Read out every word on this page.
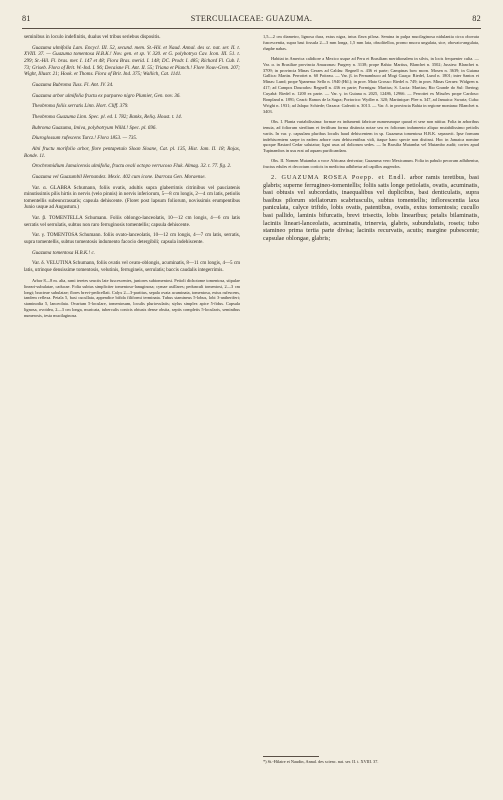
81	STERCULIACEAE: GUAZUMA.	82

seminibus in loculo indefinitis, dualus vel tribus seriebus dispositis.

Guazuma ulmifolia Lam. Encycl. III. 52, secund. mem. St.-Hil. et Naud. Annal. des sc. nat. ser. II. t. XVIII. 37. — Guazuma tomentosa H.B.K.! Nov. gen. et sp. V. 320. et G. polybotrya Cav. Icon. III. 51. t. 299; St.-Hil. Fl. bras. mer. I. 147 et 48; Flora Bras. merid. I. 148; DC. Prodr. I. 485; Richard Fl. Cub. I. 73; Griseb. Flora of Brit. W.-Ind. I. 96; Decaisne Fl. Ant. II. 55; Triana et Planch.! Flore Nouv-Gren. 207; Wight, Illustr. 21; Hook. et Thoms. Flora of Brit. Ind. 375; Wallich, Cat. 1141.

Guazuma Bubroma Tuss. Fl. Ant. IV. 34.

Guazuma arbor ulmifolia fructu ex purpureo nigro Plumier, Gen. nov. 36.

Theobroma foliis serratis Linn. Hort. Cliff. 379.

Theobroma Guazuma Linn. Spec. pl. ed. I. 782; Banks, Reliq. Houst. t. 14.

Bubroma Guazuma, Imiva, polybotryum Willd.! Spec. pl. 696.

Diuroglossum rufescens Turcz.! Flora 1853. — 735.

Alni fructu morifolio arbor, flore pentapetalo Sloan Sloane, Cat. pl. 135, Hist. Jam. II. 18; Rojas, Bonde. 11.

Orochromidium Jamaicensis ulmifolia, fructu ovali octopo verrucoso Fluk. Almag. 32. t. 77. fig. 2.

Guazuma vel Guazumbil Hernandez. Mexic. 402 cum icone. Ibarroza Gen. Moraense.

Var. α. GLABRA Schumann, foliis ovatis, adultis supra glaberrimis citrinibus vel pauciatenis minutissimis pilis hirtis in nervis (velo pinnis) in nervis inferiorum, 5—8 cm longis, 2—4 cm latis, petiolis tomentellis subeuncrassatis; capsula dehiscente. (Floret post lapsum foliorum, novissimis erumpentibus Junio usque ad Augustum.)

Var. β. TOMENTELLA Schumann. Foliis oblongo-lanceolatis, 10—12 cm longis, 4—6 cm latis serratis vel serrulatis, subtus non raro ferruginosis tomentellis; capsula dehiscente.

Var. γ. TOMENTOSA Schumann. foliis ovato-lanceolatis, 10—12 cm longis, 4—7 cm latis, serratis, supra tomentellis, subtus tomentosis indumento facocio detergibili; capsula indehiscente.

Guazuma tomentosa H.B.K.! c.

Var. δ. VELUTINA Schumann, foliis ovatis vel ovato-oblongis, acuminatis, 8—11 cm longis, 4—5 cm latis, utrinque densissime tomentosis, velutinis, ferrugineis, serrulatis; baccis caudalis integerrimis.

Arbor 8—8 m. alta, rami teretes seuctis late fuscescentes, juniores subtomentosi. Petioli dichotome tomentosa, stipulae lineari-subulatae, caducae. Folia subtus simpliciter tomentoso-lanuginosa; cymae axillares; pedunculi tomentosi, 2—3 cm longi; bracteae subulatae; flores brevi-pedicellati. Calyx 2—3-partitus, sepala ovata acuminata, tomentosa, extus rufescens, tandem reflexa. Petala 5, basi cucullata, appendice bifida filiformi terminata. Tubus stamineus 5-lobus, lobi 3-antheriferi; staminodia 5, lanceolata. Ovarium 5-loculare, tomentosum, loculis pluriovulatis; stylus simplex apice 5-fidus. Capsula lignosa, ovoidea, 2—3 cm longa, muricata, tuberculis conicis obtusis dense obsita, septis completis 5-locularis, seminibus numerosis, testa mucilaginosa.

1,5—2 cm diametro, lignosa dura, extus nigra, intus flava pilosa. Semina in pulpa mucilaginosa nidulantia circa obovata fuscescentia, supra basi fossula 2—3 mm longa, 1,5 mm lata, obsolitelloa, promo mucra ungulata, sice, obovato-angulata, rhaphe nabas.

Habitat in America calidiore a Mexico usque ad Peru et Brasiliam meridionalem in silvis, in locis frequenter culta. — Var. α. in Brasiliae provincia Amazonas: Purgery n. 3138; prope Bahia: Martius, Blanchet n. 3502; Jussieu: Blanchet n. 3709; in provincia Minas Geraes ad Caldas: Regnell n. 436 et parte; Campinas bow morn. Mosen n. 3639; in Guiana Gallica: Martin. Perrottet n. 60 Poiteau. — Var. β. in Pernambuco ad Mogi Guaçu: Riedel, Lund n. 1801; inter Santos et Minas: Lund; prope Ypanema: Sello n. 1940 (Hil.); in prov. Mato Grosso: Riedel n. 749; in prov. Minas Geraes: Widgren n. 417; ad Campos Dourados: Regnell n. 436 ex parte; Formigas: Martius; S. Lucia: Martius; Rio Grande do Sul: Ihering; Cuyabá: Riedel n. 1200 ex parte. — Var. γ. in Guiana n. 2025, 12486, 12966. — Perrottet ex Missões prope Cardoso: Bonpland n. 1891; Ceará: Ramos de la Sagra; Portorico: Wydler n. 320; Martinique: Plee n. 347, ad Jamaica: Swartz; Cuba: Wright n. 1931; ad Jalapa: Schiede; Oaxaca: Galeotti n. 3013. — Var. δ. in provincia Bahia in regione montana: Blanchet n. 3403.

Obs. I. Planta variabilissima: formae ex indumenti fabricae numerumque quoad et sese non nititur. Folia in arboribus tenuia, ad foliorum sterilium et fertilium forma distincta notae seu ex foliorum indumento aliquo mutabilissimo petiolis variis. In var. γ. capsulam pluribus loculis haud dehiscentem in sp. Guazuma tomentosa H.B.K. separavit. Ipse formam indehiscentem saepe in eadem arbore cum dehiscentibus vidi, itaque hanc specie non distinxi. Hoc in Jamaica nomine quoque Bastard Cedar salutatur; ligni usus ad doliorum sedes. — In Brasilia Mutamba vel Mutambo audit; cortex apud Tupinambos in usu erat ad aquam purificandam.

Obs. II. Nomen Mutamba a voce Africana derivatur; Guazuma vero Mexicanum. Folia in pabulo pecorum adhibentur, fructus edules et decoctum corticis in medicina adhibetur ad capillos augendos.

2. GUAZUMA ROSEA Poepp. et Endl. arbor ramis teretibus, basi glabris; superne ferrugineo-tomentellis; foliis satis longe petiolatis, ovatis, acuminatis, basi obtusis vel subcordatis, inaequalibus vel duplicibus, basi denticulatis, supra basibus pilorum stellatorum scabriusculis, subtus tomentellis; inflorescentia laxa paniculata, calyce trifido, lobis ovatis, patentibus, ovatis, extus tomentosis; cucullo basi pallido, laminis bifurcatis, brevi trisectis, lobis linearibus; petalis bilaminatis, laciniis lineari-lanceolatis, acuminatis, trinervia, glabris, subundulatis, roseis; tubo stamineo prima tertia parte divisa; laciniis recurvatis, acutis; margine pubescente; capsulae oblongae, glabris;

*) St.-Hilaire et Naudin, Annal. des scienc. nat. ser. II. t. XVIII. 37.
